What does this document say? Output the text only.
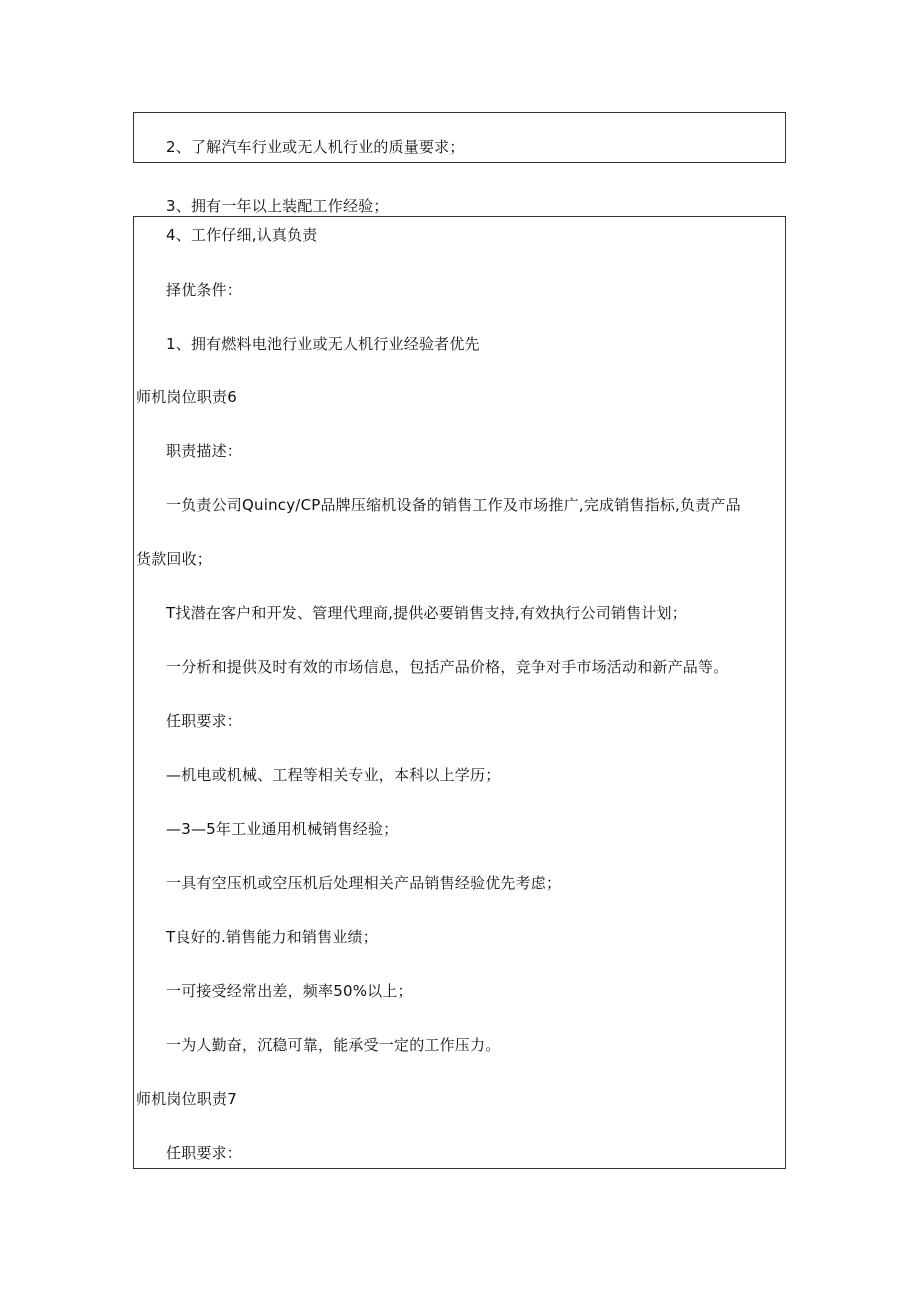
2、了解汽车行业或无人机行业的质量要求；
3、拥有一年以上装配工作经验；
4、工作仔细,认真负责
择优条件：
1、拥有燃料电池行业或无人机行业经验者优先
师机岗位职责6
职责描述：
一负责公司Quincy/CP品牌压缩机设备的销售工作及市场推广,完成销售指标,负责产品
货款回收；
T找潜在客户和开发、管理代理商,提供必要销售支持,有效执行公司销售计划；
一分析和提供及时有效的市场信息，包括产品价格，竞争对手市场活动和新产品等。
任职要求：
—机电或机械、工程等相关专业，本科以上学历；
—3—5年工业通用机械销售经验；
一具有空压机或空压机后处理相关产品销售经验优先考虑；
T良好的.销售能力和销售业绩；
一可接受经常出差，频率50%以上；
一为人勤奋，沉稳可靠，能承受一定的工作压力。
师机岗位职责7
任职要求：
